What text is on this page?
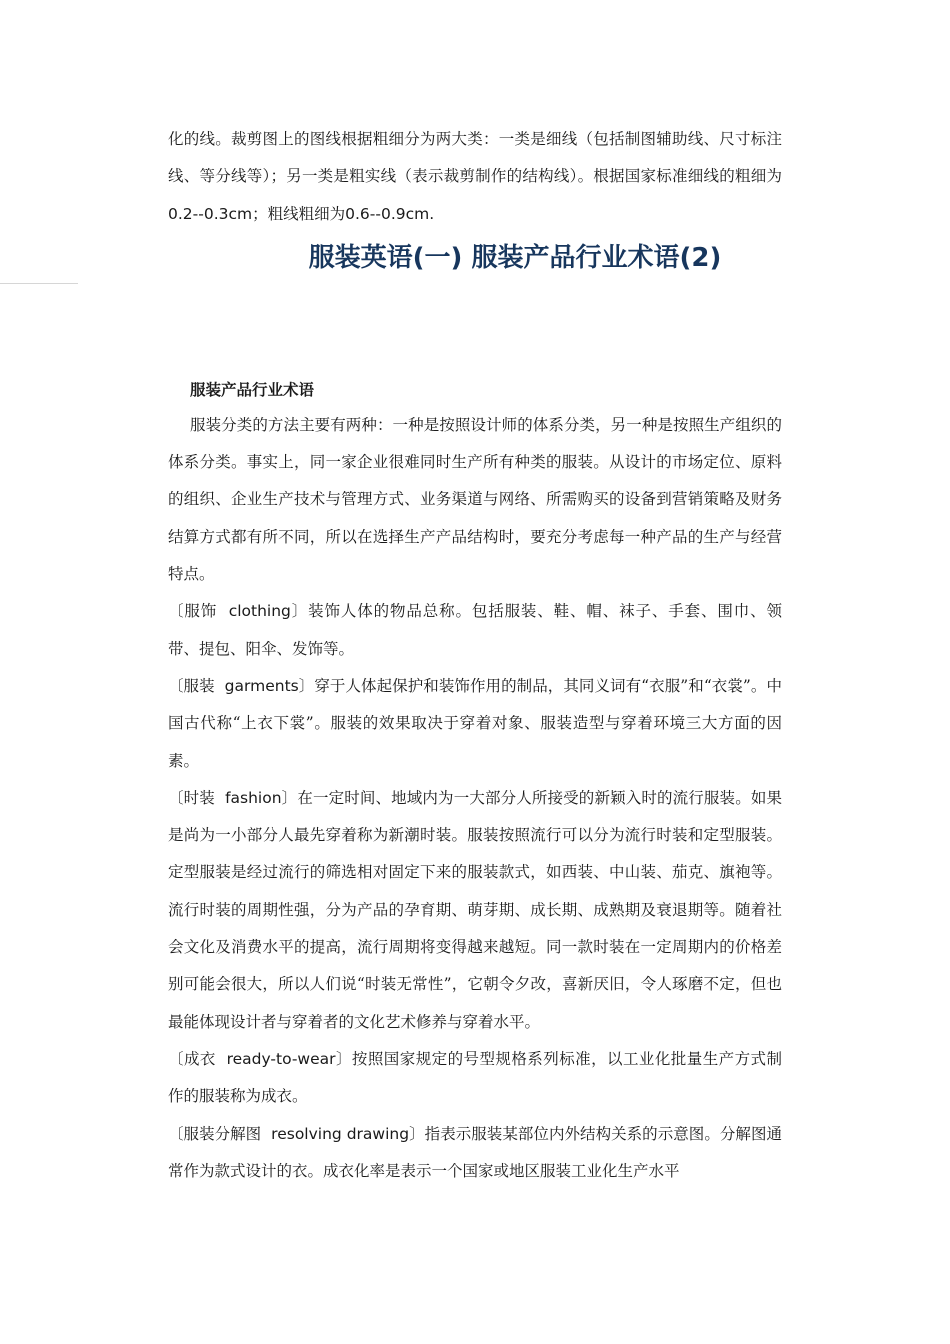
化的线。裁剪图上的图线根据粗细分为两大类：一类是细线（包括制图辅助线、尺寸标注线、等分线等）；另一类是粗实线（表示裁剪制作的结构线）。根据国家标准细线的粗细为0.2--0.3cm；粗线粗细为0.6--0.9cm.

服装英语(一) 服装产品行业术语(2)
服装产品行业术语

服装分类的方法主要有两种：一种是按照设计师的体系分类，另一种是按照生产组织的体系分类。事实上，同一家企业很难同时生产所有种类的服装。从设计的市场定位、原料的组织、企业生产技术与管理方式、业务渠道与网络、所需购买的设备到营销策略及财务结算方式都有所不同，所以在选择生产产品结构时，要充分考虑每一种产品的生产与经营特点。

〔服饰 clothing〕装饰人体的物品总称。包括服装、鞋、帽、袜子、手套、围巾、领带、提包、阳伞、发饰等。

〔服装 garments〕穿于人体起保护和装饰作用的制品，其同义词有“衣服”和“衣裳”。中国古代称“上衣下裳”。服装的效果取决于穿着对象、服装造型与穿着环境三大方面的因素。

〔时装 fashion〕在一定时间、地域内为一大部分人所接受的新颖入时的流行服装。如果是尚为一小部分人最先穿着称为新潮时装。服装按照流行可以分为流行时装和定型服装。定型服装是经过流行的筛选相对固定下来的服装款式，如西装、中山装、茄克、旗袍等。流行时装的周期性强，分为产品的孕育期、萌芽期、成长期、成熟期及衰退期等。随着社会文化及消费水平的提高，流行周期将变得越来越短。同一款时装在一定周期内的价格差别可能会很大，所以人们说“时装无常性”，它朝令夕改，喜新厌旧，令人琢磨不定，但也最能体现设计者与穿着者的文化艺术修养与穿着水平。

〔成衣 ready-to-wear〕按照国家规定的号型规格系列标准，以工业化批量生产方式制作的服装称为成衣。

〔服装分解图 resolving drawing〕指表示服装某部位内外结构关系的示意图。分解图通常作为款式设计的衣。成衣化率是表示一个国家或地区服装工业化生产水平
